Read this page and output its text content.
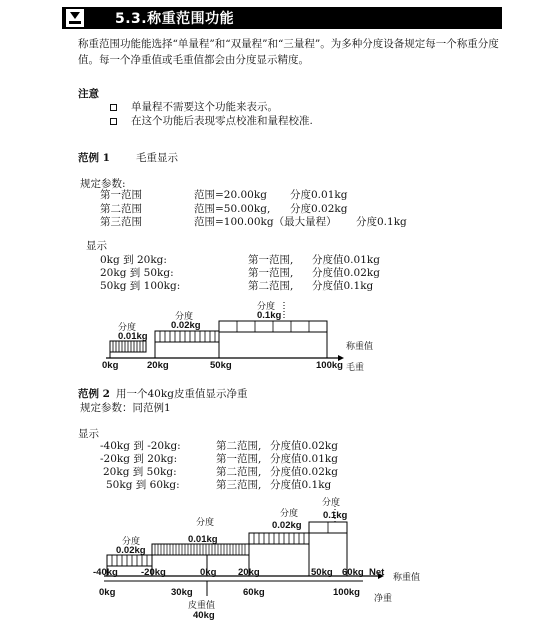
5.3.称重范围功能
称重范围功能能选择“单量程”和“双量程”和“三量程”。为多种分度设备规定每一个称重分度值。每一个净重值或毛重值都会由分度显示精度。
注意
单量程不需要这个功能来表示。
在这个功能后表现零点校准和量程校准.
范例 1 毛重显示
规定参数:
第一范围	范围=20.00kg 分度0.01kg
第二范围	范围=50.00kg, 分度0.02kg
第三范围	范围=100.00kg（最大量程） 分度0.1kg
显示
0kg 到 20kg:	第一范围, 分度值0.01kg
20kg 到 50kg:	第一范围, 分度值0.02kg
50kg 到 100kg:	第二范围, 分度值0.1kg
分度
0.01kg
分度
0.02kg
分度
0.1kg
称重值
0kg	20kg	50kg	100kg 毛重
范例 2 用一个40kg皮重值显示净重
规定参数：同范例1
显示
-40kg 到 -20kg:	第二范围, 分度值0.02kg
-20kg 到 20kg:	第一范围, 分度值0.01kg
20kg 到 50kg:	第二范围, 分度值0.02kg
50kg 到 60kg:	第三范围, 分度值0.1kg
分度
0.02kg
分度
0.01kg
分度
0.02kg
分度
0.1kg
-40kg -20kg	0kg 20kg	50kg 60kg Net 称重值
0kg	30kg	60kg	100kg
净重
皮重值
40kg
